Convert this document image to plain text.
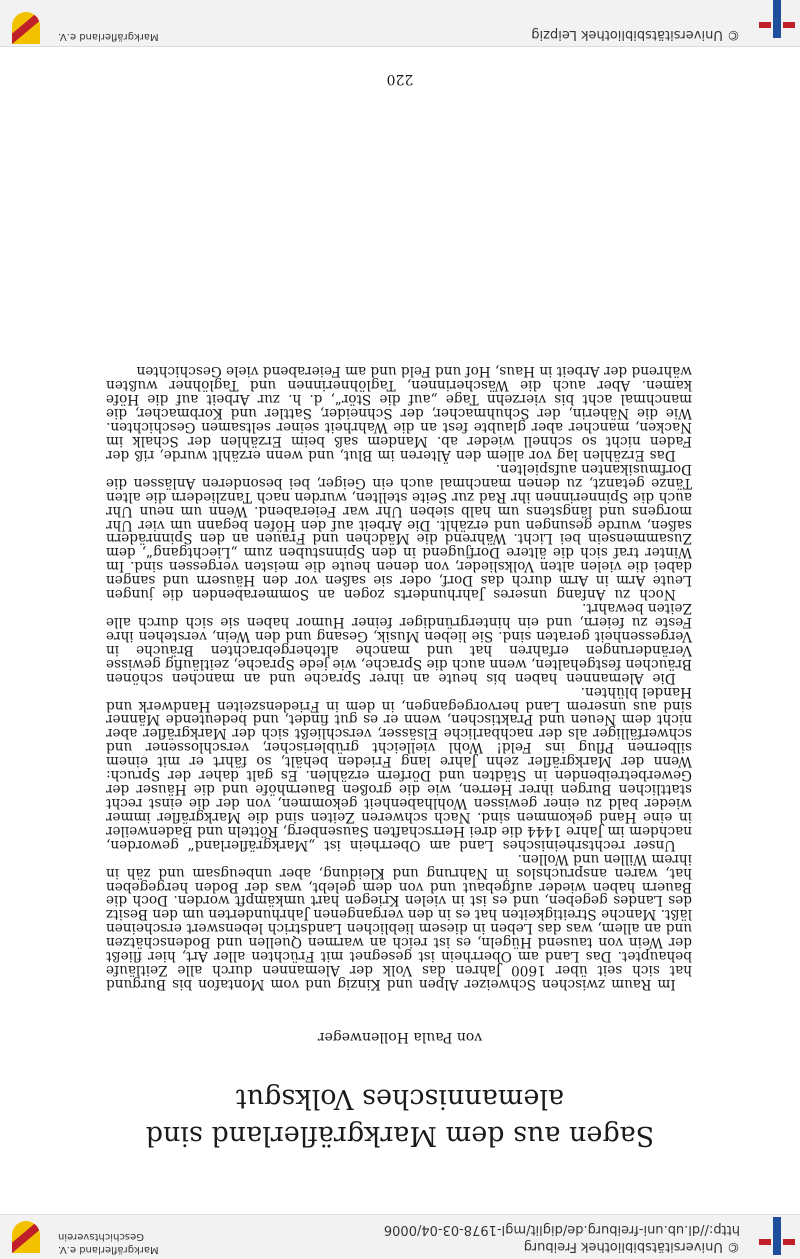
© Universitätsbibliothek Freiburg
http://dl.ub.uni-freiburg.de/diglit/mgl-1978-03-04/0006
Markgräflerland e.V.
Geschichtsverein
Sagen aus dem Markgräflerland sind
alemannisches Volksgut
von Paula Hollenweger

Im Raum zwischen Schweizer Alpen und Kinzig und vom Montafon bis Burgund hat sich seit über 1600 Jahren das Volk der Alemannen durch alle Zeitläufe behauptet. Das Land am Oberrhein ist gesegnet mit Früchten aller Art, hier fließt der Wein von tausend Hügeln, es ist reich an warmen Quellen und Bodenschätzen und an allem, was das Leben in diesem lieblichen Landstrich lebenswert erscheinen läßt. Manche Streitigkeiten hat es in den vergangenen Jahrhunderten um den Besitz des Landes gegeben, und es ist in vielen Kriegen hart umkämpft worden. Doch die Bauern haben wieder aufgebaut und von dem gelebt, was der Boden hergegeben hat, waren anspruchslos in Nahrung und Kleidung, aber unbeugsam und zäh in ihrem Willen und Wollen.

Unser rechtsrheinisches Land am Oberrhein ist „Markgräflerland“ geworden, nachdem im Jahre 1444 die drei Herrschaften Sausenberg, Rötteln und Badenweiler in eine Hand gekommen sind. Nach schweren Zeiten sind die Markgräfler immer wieder bald zu einer gewissen Wohlhabenheit gekommen, von der die einst recht stattlichen Burgen ihrer Herren, wie die großen Bauernhöfe und die Häuser der Gewerbetreibenden in Städten und Dörfern erzählen. Es galt daher der Spruch: Wenn der Markgräfler zehn Jahre lang Frieden behält, so fährt er mit einem silbernen Pflug ins Feld! Wohl vielleicht grüblerischer, verschlossener und schwerfälliger als der nachbarliche Elsässer, verschließt sich der Markgräfler aber nicht dem Neuen und Praktischen, wenn er es gut findet, und bedeutende Männer sind aus unserem Land hervorgegangen, in dem in Friedenszeiten Handwerk und Handel blühten.

Die Alemannen haben bis heute an ihrer Sprache und an manchen schönen Bräuchen festgehalten, wenn auch die Sprache, wie jede Sprache, zeitläufig gewisse Veränderungen erfahren hat und manche altehergebrachten Bräuche in Vergessenheit geraten sind. Sie lieben Musik, Gesang und den Wein, verstehen ihre Feste zu feiern, und ein hintergründiger feiner Humor haben sie sich durch alle Zeiten bewahrt.

Noch zu Anfang unseres Jahrhunderts zogen an Sommerabenden die jungen Leute Arm in Arm durch das Dorf, oder sie saßen vor den Häusern und sangen dabei die vielen alten Volkslieder, von denen heute die meisten vergessen sind. Im Winter traf sich die ältere Dorfjugend in den Spinnstuben zum „Liechtgang“, dem Zusammensein bei Licht. Während die Mädchen und Frauen an den Spinnrädern saßen, wurde gesungen und erzählt. Die Arbeit auf den Höfen begann um vier Uhr morgens und längstens um halb sieben Uhr war Feierabend. Wenn um neun Uhr auch die Spinnerinnen ihr Rad zur Seite stellten, wurden nach Tanzliedern die alten Tänze getanzt, zu denen manchmal auch ein Geiger, bei besonderen Anlässen die Dorfmusikanten aufspielten.

Das Erzählen lag vor allem den Älteren im Blut, und wenn erzählt wurde, riß der Faden nicht so schnell wieder ab. Mandem saß beim Erzählen der Schalk im Nacken, mancher aber glaubte fest an die Wahrheit seiner seltsamen Geschichten. Wie die Näherin, der Schuhmacher, der Schneider, Sattler und Korbmacher, die manchmal acht bis vierzehn Tage „auf die Stör“, d. h. zur Arbeit auf die Höfe kamen. Aber auch die Wäscherinnen, Taglöhnerinnen und Taglöhner wußten während der Arbeit in Haus, Hof und Feld und am Feierabend viele Geschichten

220
© Universitätsbibliothek Leipzig
Markgräflerland e.V.
